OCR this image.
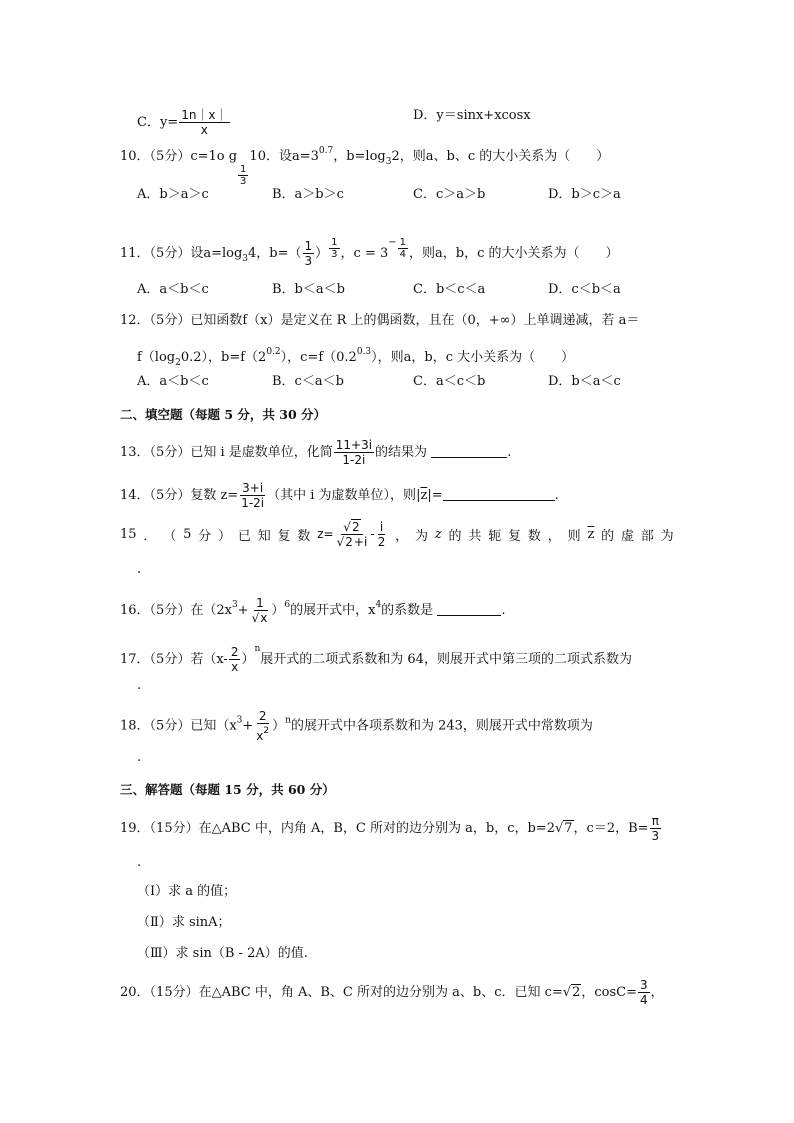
C．$y= \frac{1n|x|}{x}$	D．y＝sinx+xcosx
10．（5分）c=1o g
$\frac{1}{3}$
10．设$a=3^{0.7}$，$b=\log_32$，则a、b、c 的大小关系为（　　）
A．b＞a＞c	B．a＞b＞c	C．c＞a＞b	D．b＞c＞a
11．（5分）设$a=\log_34$，$b=( \frac{1}{3}$ ） $\frac{1}{3}$ ，$c = 3^- \frac{1}{4}$ ，则a，b，c 的大小关系为（　　）
A．a＜b＜c	B．b＜a＜b	C．b＜c＜a	D．c＜b＜a
12．（5分）已知函数f（x）是定义在 R 上的偶函数，且在（0，+∞）上单调递减，若 a＝
$f(\log_20.2)$，$b=f(2^{0.2})$，$c=f(0.2^{0.3})$，则a，b，c 大小关系为（　　）
A．a＜b＜c	B．c＜a＜b	C．a＜c＜b	D．b＜a＜c
二、填空题（每题 5 分，共 30 分）
13．（5分）已知 i 是虚数单位，化简 $\frac{11+3i}{1-2i}$ 的结果为	.
14．（5分）复数 $z= \frac{3+i}{1-2i}$ （其中 i 为虚数单位），则$|\overline{z}|=$	.
15 ． （ 5 分 ） 已 知 复 数 $z= \frac{√2}{√2+i} - \frac{i}{2}$ ， 为 z 的 共 轭 复 数 ， 则 $\overline{z}$ 的 虚 部 为
.
16．（5分）在$(2x^3+ \frac{1}{√x} )^6$的展开式中，$x^4$的系数是	.
17．（5分）若$(x- \frac{2}{x} )^n$展开式的二项式系数和为 64，则展开式中第三项的二项式系数为
.
18．（5分）已知$(x^3+ \frac{2}{x^2} )^n$的展开式中各项系数和为 243，则展开式中常数项为
.
三、解答题（每题 15 分，共 60 分）
19．（15分）在△ABC 中，内角 A，B，C 所对的边分别为 a，b，c，b=2√7，c＝2，$B= \frac{\pi}{3}$
.
（Ⅰ）求 a 的值；
（Ⅱ）求 sinA；
（Ⅲ）求 sin（B - 2A）的值.
20．（15分）在△ABC 中，角 A、B、C 所对的边分别为 a、b、c．已知 c=√2，$\cos C= \frac{3}{4}$ ，
